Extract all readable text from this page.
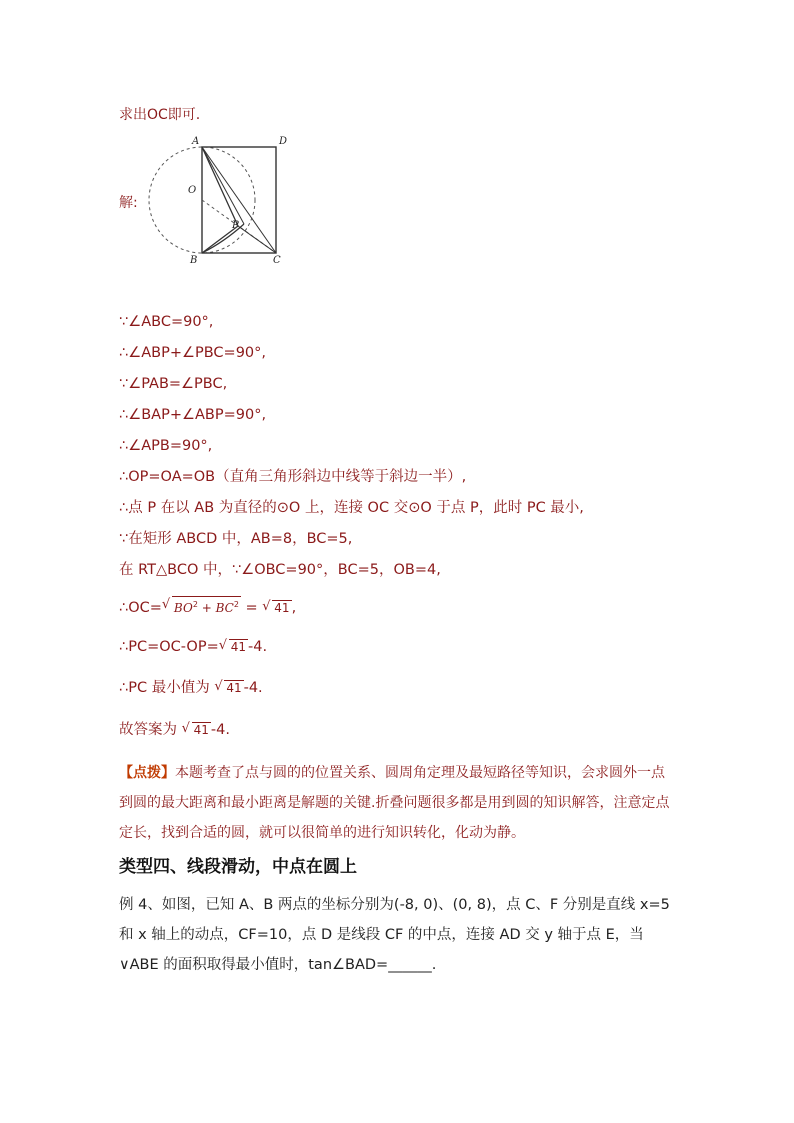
求出OC即可.
解:
A	D
O
P
B	C
∵∠ABC=90°,
∴∠ABP+∠PBC=90°,
∵∠PAB=∠PBC,
∴∠BAP+∠ABP=90°,
∴∠APB=90°,
∴OP=OA=OB（直角三角形斜边中线等于斜边一半）,
∴点 P 在以 AB 为直径的⊙O 上，连接 OC 交⊙O 于点 P，此时 PC 最小,
∵在矩形 ABCD 中，AB=8，BC=5,
在 RT△BCO 中，∵∠OBC=90°，BC=5，OB=4,
∴OC= √ $BO^2 + BC^2$ = √ 41 ,
∴PC=OC-OP= √ 41 -4.
∴PC 最小值为 √ 41 -4.
故答案为 √ 41 -4.
【点拨】本题考查了点与圆的的位置关系、圆周角定理及最短路径等知识，会求圆外一点到圆的最大距离和最小距离是解题的关键.折叠问题很多都是用到圆的知识解答，注意定点定长，找到合适的圆，就可以很简单的进行知识转化，化动为静。
类型四、线段滑动，中点在圆上
例 4、如图，已知 A、B 两点的坐标分别为(-8, 0)、(0, 8)，点 C、F 分别是直线 x=5 和 x 轴上的动点，CF=10，点 D 是线段 CF 的中点，连接 AD 交 y 轴于点 E，当∨ABE 的面积取得最小值时，tan∠BAD=______.
